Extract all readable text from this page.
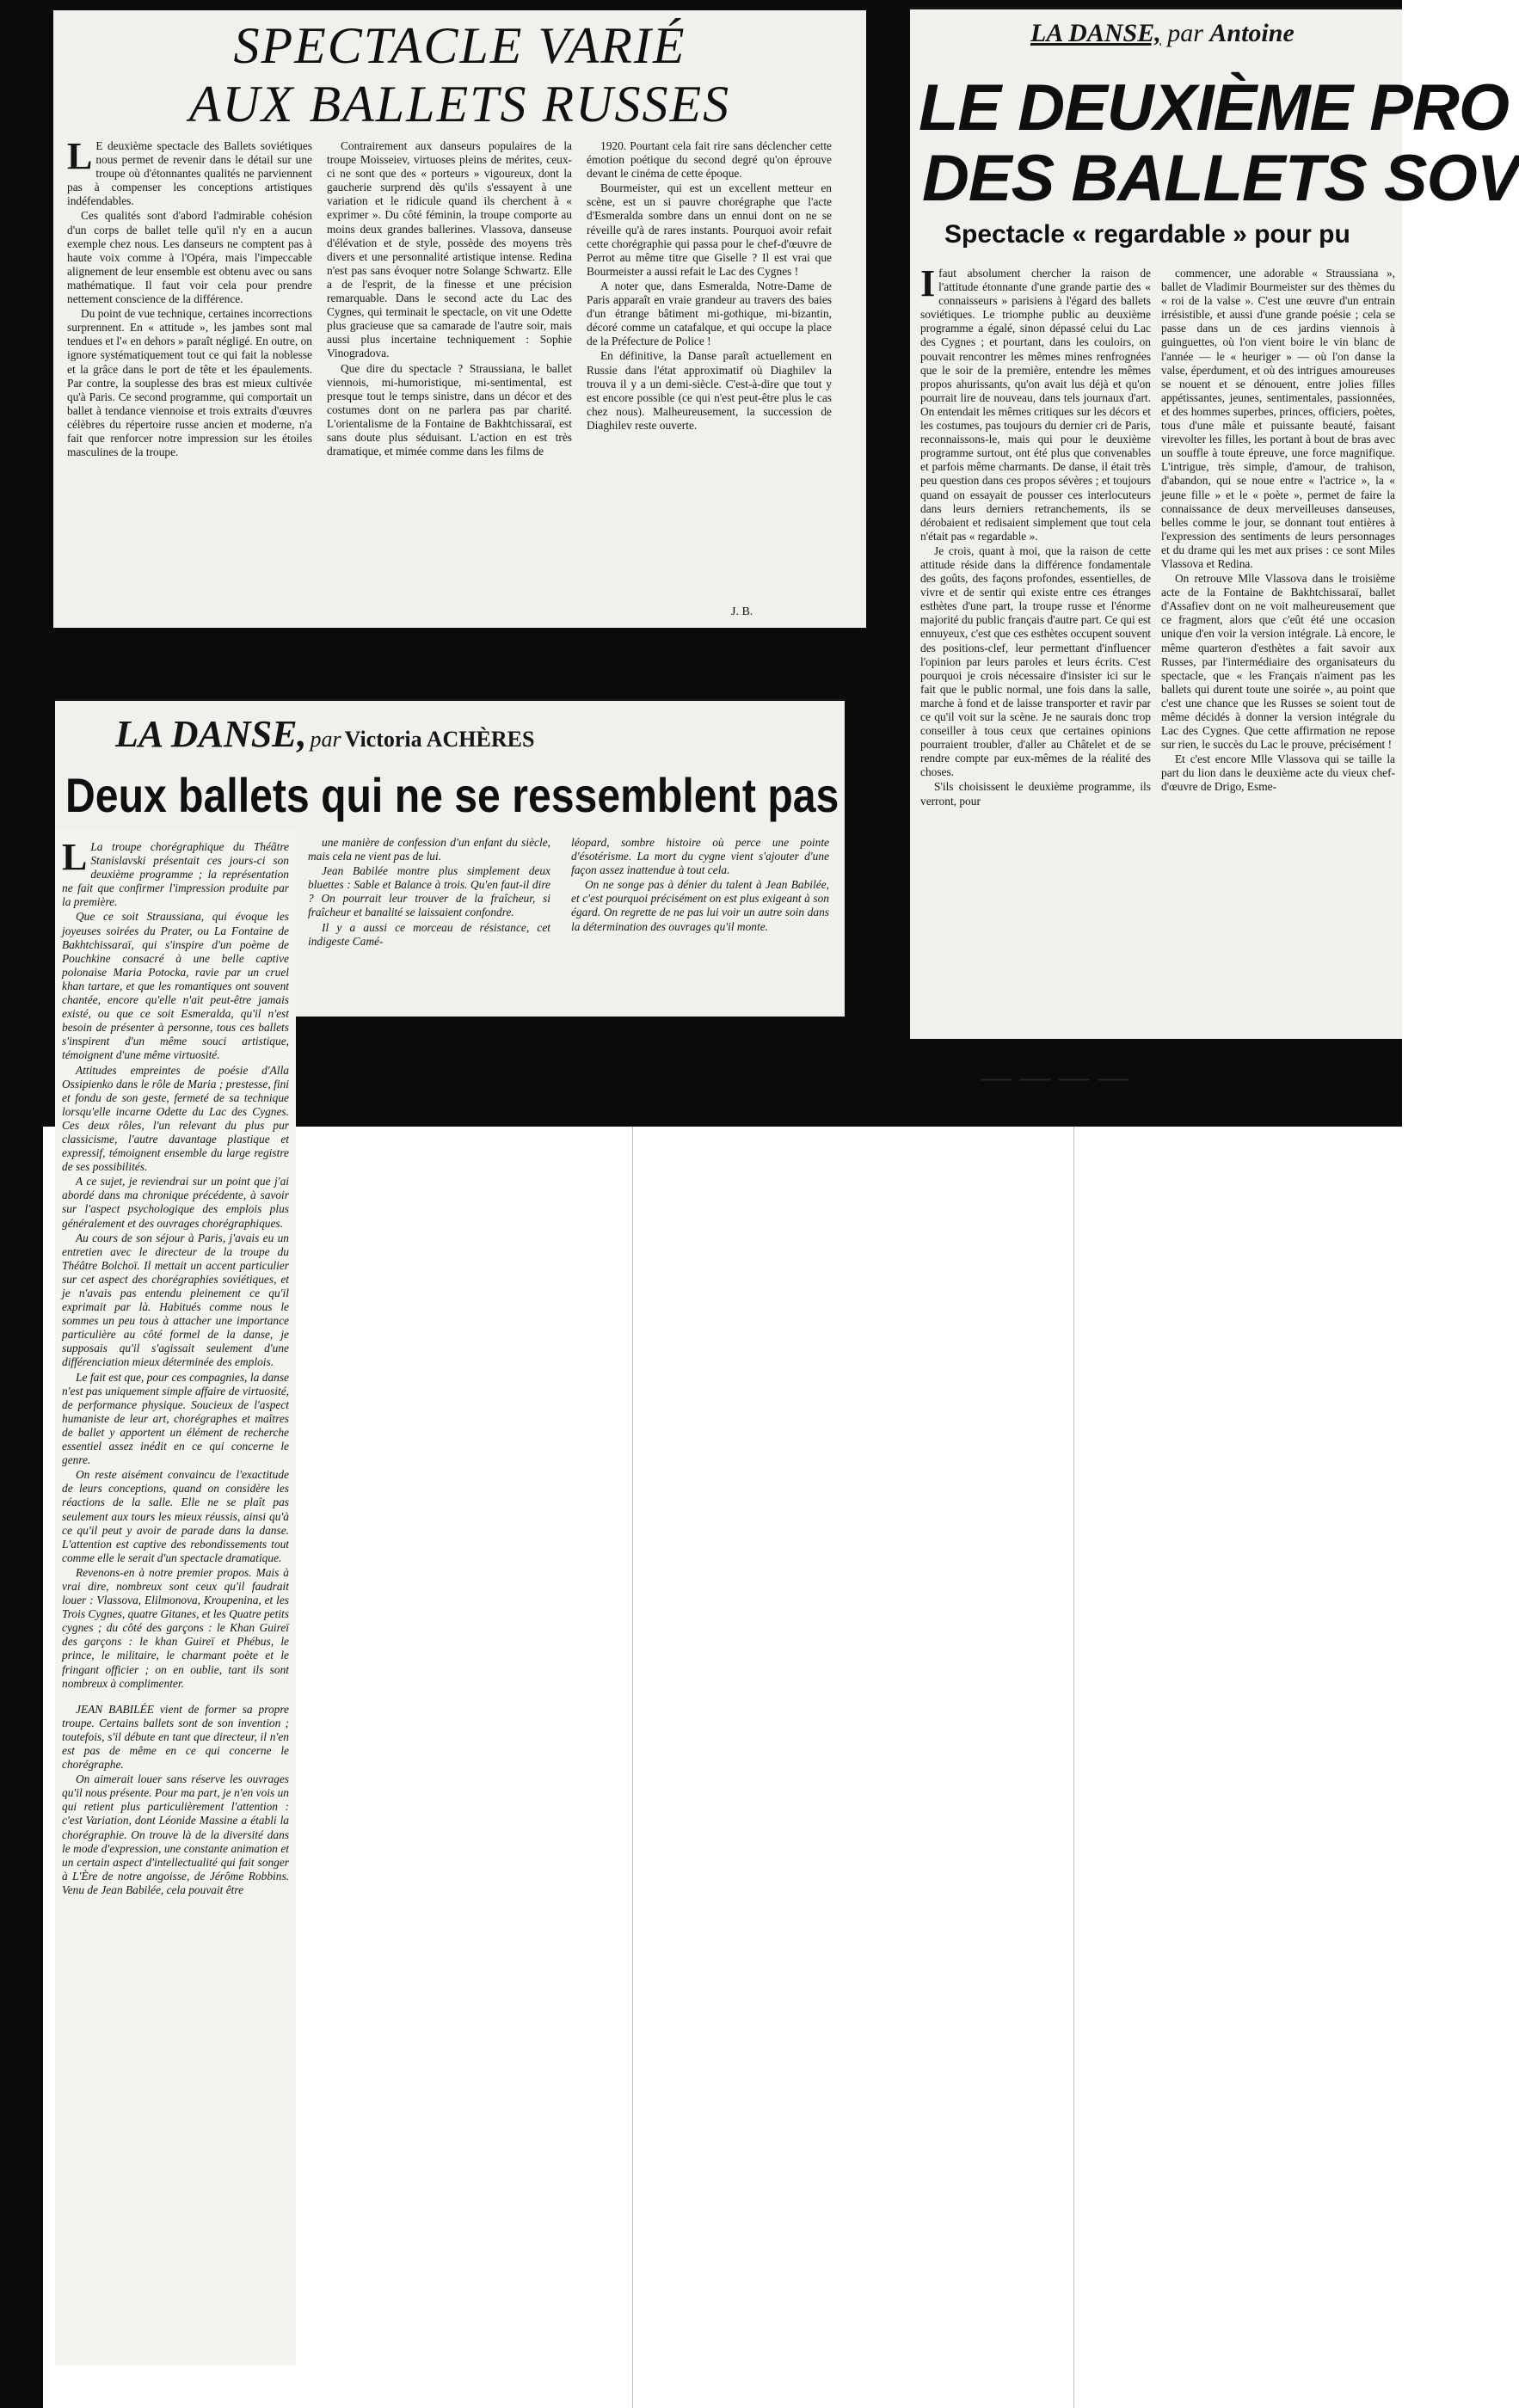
SPECTACLE VARIÉ
AUX BALLETS RUSSES
L E deuxième spectacle des Ballets soviétiques nous permet de revenir dans le détail sur une troupe où d'étonnantes qualités ne parviennent pas à compenser les conceptions artistiques indéfendables.

Ces qualités sont d'abord l'admirable cohésion d'un corps de ballet telle qu'il n'y en a aucun exemple chez nous. Les danseurs ne comptent pas à haute voix comme à l'Opéra, mais l'impeccable alignement de leur ensemble est obtenu avec ou sans mathématique. Il faut voir cela pour prendre nettement conscience de la différence.

Du point de vue technique, certaines incorrections surprennent. En « attitude », les jambes sont mal tendues et l'« en dehors » paraît négligé. En outre, on ignore systématiquement tout ce qui fait la noblesse et la grâce dans le port de tête et les épaulements. Par contre, la souplesse des bras est mieux cultivée qu'à Paris. Ce second programme, qui comportait un ballet à tendance viennoise et trois extraits d'œuvres célèbres du répertoire russe ancien et moderne, n'a fait que renforcer notre impression sur les étoiles masculines de la troupe.

Contrairement aux danseurs populaires de la troupe Moisseiev, virtuoses pleins de mérites, ceux-ci ne sont que des « porteurs » vigoureux, dont la gaucherie surprend dès qu'ils s'essayent à une variation et le ridicule quand ils cherchent à « exprimer ». Du côté féminin, la troupe comporte au moins deux grandes ballerines. Vlassova, danseuse d'élévation et de style, possède des moyens très divers et une personnalité artistique intense. Redina n'est pas sans évoquer notre Solange Schwartz. Elle a de l'esprit, de la finesse et une précision remarquable. Dans le second acte du Lac des Cygnes, qui terminait le spectacle, on vit une Odette plus gracieuse que sa camarade de l'autre soir, mais aussi plus incertaine techniquement : Sophie Vinogradova.

Que dire du spectacle ? Straussiana, le ballet viennois, mi-humoristique, mi-sentimental, est presque tout le temps sinistre, dans un décor et des costumes dont on ne parlera pas par charité. L'orientalisme de la Fontaine de Bakhtchissaraï, est sans doute plus séduisant. L'action en est très dramatique, et mimée comme dans les films de

1920. Pourtant cela fait rire sans déclencher cette émotion poétique du second degré qu'on éprouve devant le cinéma de cette époque.

Bourmeister, qui est un excellent metteur en scène, est un si pauvre chorégraphe que l'acte d'Esmeralda sombre dans un ennui dont on ne se réveille qu'à de rares instants. Pourquoi avoir refait cette chorégraphie qui passa pour le chef-d'œuvre de Perrot au même titre que Giselle ? Il est vrai que Bourmeister a aussi refait le Lac des Cygnes !

A noter que, dans Esmeralda, Notre-Dame de Paris apparaît en vraie grandeur au travers des baies d'un étrange bâtiment mi-gothique, mi-bizantin, décoré comme un catafalque, et qui occupe la place de la Préfecture de Police !

En définitive, la Danse paraît actuellement en Russie dans l'état approximatif où Diaghilev la trouva il y a un demi-siècle. C'est-à-dire que tout y est encore possible (ce qui n'est peut-être plus le cas chez nous). Malheureusement, la succession de Diaghilev reste ouverte.

J. B.
LA DANSE, par Antoine
LE DEUXIÈME PRO
DES BALLETS SOV
Spectacle « regardable » pour pu
I faut absolument chercher la raison de l'attitude étonnante d'une grande partie des « connaisseurs » parisiens à l'égard des ballets soviétiques. Le triomphe public au deuxième programme a égalé, sinon dépassé celui du Lac des Cygnes ; et pourtant, dans les couloirs, on pouvait rencontrer les mêmes mines renfrognées que le soir de la première, entendre les mêmes propos ahurissants, qu'on avait lus déjà et qu'on pourrait lire de nouveau, dans tels journaux d'art. On entendait les mêmes critiques sur les décors et les costumes, pas toujours du dernier cri de Paris, reconnaissons-le, mais qui pour le deuxième programme surtout, ont été plus que convenables et parfois même charmants. De danse, il était très peu question dans ces propos sévères ; et toujours quand on essayait de pousser ces interlocuteurs dans leurs derniers retranchements, ils se dérobaient et redisaient simplement que tout cela n'était pas « regardable ».

Je crois, quant à moi, que la raison de cette attitude réside dans la différence fondamentale des goûts, des façons profondes, essentielles, de vivre et de sentir qui existe entre ces étranges esthètes d'une part, la troupe russe et l'énorme majorité du public français d'autre part. Ce qui est ennuyeux, c'est que ces esthètes occupent souvent des positions-clef, leur permettant d'influencer l'opinion par leurs paroles et leurs écrits. C'est pourquoi je crois nécessaire d'insister ici sur le fait que le public normal, une fois dans la salle, marche à fond et de laisse transporter et ravir par ce qu'il voit sur la scène. Je ne saurais donc trop conseiller à tous ceux que certaines opinions pourraient troubler, d'aller au Châtelet et de se rendre compte par eux-mêmes de la réalité des choses.

S'ils choisissent le deuxième programme, ils verront, pour

commencer, une adorable « Straussiana », ballet de Vladimir Bourmeister sur des thèmes du « roi de la valse ». C'est une œuvre d'un entrain irrésistible, et aussi d'une grande poésie ; cela se passe dans un de ces jardins viennois à guinguettes, où l'on vient boire le vin blanc de l'année — le « heuriger » — où l'on danse la valse, éperdument, et où des intrigues amoureuses se nouent et se dénouent, entre jolies filles appétissantes, jeunes, sentimentales, passionnées, et des hommes superbes, princes, officiers, poètes, tous d'une mâle et puissante beauté, faisant virevolter les filles, les portant à bout de bras avec un souffle à toute épreuve, une force magnifique. L'intrigue, très simple, d'amour, de trahison, d'abandon, qui se noue entre « l'actrice », la « jeune fille » et le « poète », permet de faire la connaissance de deux merveilleuses danseuses, belles comme le jour, se donnant tout entières à l'expression des sentiments de leurs personnages et du drame qui les met aux prises : ce sont Miles Vlassova et Redina.

On retrouve Mlle Vlassova dans le troisième acte de la Fontaine de Bakhtchissaraï, ballet d'Assafiev dont on ne voit malheureusement que ce fragment, alors que c'eût été une occasion unique d'en voir la version intégrale. Là encore, le même quarteron d'esthètes a fait savoir aux Russes, par l'intermédiaire des organisateurs du spectacle, que « les Français n'aiment pas les ballets qui durent toute une soirée », au point que c'est une chance que les Russes se soient tout de même décidés à donner la version intégrale du Lac des Cygnes. Que cette affirmation ne repose sur rien, le succès du Lac le prouve, précisément !

Et c'est encore Mlle Vlassova qui se taille la part du lion dans le deuxième acte du vieux chef-d'œuvre de Drigo, Esme-

— — — —
LA DANSE, par Victoria ACHÈRES
Deux ballets qui ne se ressemblent pas

une manière de confession d'un enfant du siècle, mais cela ne vient pas de lui.

Jean Babilée montre plus simplement deux bluettes : Sable et Balance à trois. Qu'en faut-il dire ? On pourrait leur trouver de la fraîcheur, si fraîcheur et banalité se laissaient confondre.

Il y a aussi ce morceau de résistance, cet indigeste Camé-

léopard, sombre histoire où perce une pointe d'ésotérisme. La mort du cygne vient s'ajouter d'une façon assez inattendue à tout cela.

On ne songe pas à dénier du talent à Jean Babilée, et c'est pourquoi précisément on est plus exigeant à son égard. On regrette de ne pas lui voir un autre soin dans la détermination des ouvrages qu'il monte.

L La troupe chorégraphique du Théâtre Stanislavski présentait ces jours-ci son deuxième programme ; la représentation ne fait que confirmer l'impression produite par la première.

Que ce soit Straussiana, qui évoque les joyeuses soirées du Prater, ou La Fontaine de Bakhtchissaraï, qui s'inspire d'un poème de Pouchkine consacré à une belle captive polonaise Maria Potocka, ravie par un cruel khan tartare, et que les romantiques ont souvent chantée, encore qu'elle n'ait peut-être jamais existé, ou que ce soit Esmeralda, qu'il n'est besoin de présenter à personne, tous ces ballets s'inspirent d'un même souci artistique, témoignent d'une même virtuosité.

Attitudes empreintes de poésie d'Alla Ossipienko dans le rôle de Maria ; prestesse, fini et fondu de son geste, fermeté de sa technique lorsqu'elle incarne Odette du Lac des Cygnes. Ces deux rôles, l'un relevant du plus pur classicisme, l'autre davantage plastique et expressif, témoignent ensemble du large registre de ses possibilités.

A ce sujet, je reviendrai sur un point que j'ai abordé dans ma chronique précédente, à savoir sur l'aspect psychologique des emplois plus généralement et des ouvrages chorégraphiques.

Au cours de son séjour à Paris, j'avais eu un entretien avec le directeur de la troupe du Théâtre Bolchoï. Il mettait un accent particulier sur cet aspect des chorégraphies soviétiques, et je n'avais pas entendu pleinement ce qu'il exprimait par là. Habitués comme nous le sommes un peu tous à attacher une importance particulière au côté formel de la danse, je supposais qu'il s'agissait seulement d'une différenciation mieux déterminée des emplois.

Le fait est que, pour ces compagnies, la danse n'est pas uniquement simple affaire de virtuosité, de performance physique. Soucieux de l'aspect humaniste de leur art, chorégraphes et maîtres de ballet y apportent un élément de recherche essentiel assez inédit en ce qui concerne le genre.

On reste aisément convaincu de l'exactitude de leurs conceptions, quand on considère les réactions de la salle. Elle ne se plaît pas seulement aux tours les mieux réussis, ainsi qu'à ce qu'il peut y avoir de parade dans la danse. L'attention est captive des rebondissements tout comme elle le serait d'un spectacle dramatique.

Revenons-en à notre premier propos. Mais à vrai dire, nombreux sont ceux qu'il faudrait louer : Vlassova, Elilmonova, Kroupenina, et les Trois Cygnes, quatre Gitanes, et les Quatre petits cygnes ; du côté des garçons : le Khan Guireï des garçons : le khan Guireï et Phébus, le prince, le militaire, le charmant poète et le fringant officier ; on en oublie, tant ils sont nombreux à complimenter.

JEAN BABILÉE vient de former sa propre troupe. Certains ballets sont de son invention ; toutefois, s'il débute en tant que directeur, il n'en est pas de même en ce qui concerne le chorégraphe.

On aimerait louer sans réserve les ouvrages qu'il nous présente. Pour ma part, je n'en vois un qui retient plus particulièrement l'attention : c'est Variation, dont Léonide Massine a établi la chorégraphie. On trouve là de la diversité dans le mode d'expression, une constante animation et un certain aspect d'intellectualité qui fait songer à L'Ère de notre angoisse, de Jérôme Robbins. Venu de Jean Babilée, cela pouvait être
